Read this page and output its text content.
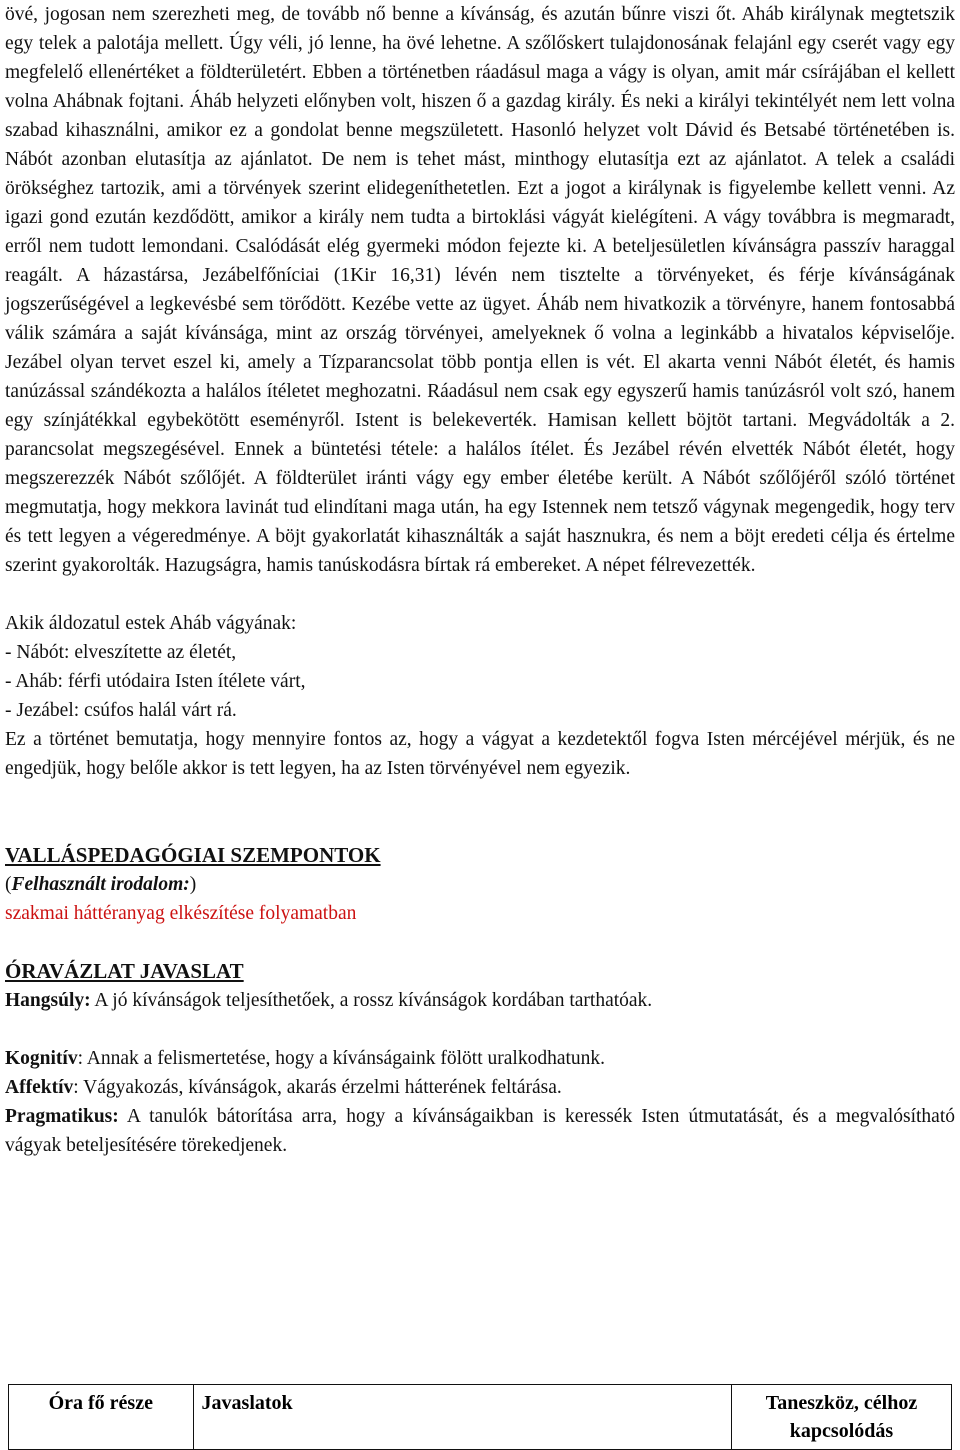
övé, jogosan nem szerezheti meg, de tovább nő benne a kívánság, és azután bűnre viszi őt. Aháb királynak megtetszik egy telek a palotája mellett. Úgy véli, jó lenne, ha övé lehetne. A szőlőskert tulajdonosának felajánl egy cserét vagy egy megfelelő ellenértéket a földterületért. Ebben a történetben ráadásul maga a vágy is olyan, amit már csírájában el kellett volna Ahábnak fojtani. Áháb helyzeti előnyben volt, hiszen ő a gazdag király. És neki a királyi tekintélyét nem lett volna szabad kihasználni, amikor ez a gondolat benne megszületett. Hasonló helyzet volt Dávid és Betsabé történetében is. Nábót azonban elutasítja az ajánlatot. De nem is tehet mást, minthogy elutasítja ezt az ajánlatot. A telek a családi örökséghez tartozik, ami a törvények szerint elidegeníthetetlen. Ezt a jogot a királynak is figyelembe kellett venni. Az igazi gond ezután kezdődött, amikor a király nem tudta a birtoklási vágyát kielégíteni. A vágy továbbra is megmaradt, erről nem tudott lemondani. Csalódását elég gyermeki módon fejezte ki. A beteljesületlen kívánságra passzív haraggal reagált. A házastársa, Jezábelfőníciai (1Kir 16,31) lévén nem tisztelte a törvényeket, és férje kívánságának jogszerűségével a legkevésbé sem törődött. Kezébe vette az ügyet. Áháb nem hivatkozik a törvényre, hanem fontosabbá válik számára a saját kívánsága, mint az ország törvényei, amelyeknek ő volna a leginkább a hivatalos képviselője. Jezábel olyan tervet eszel ki, amely a Tízparancsolat több pontja ellen is vét. El akarta venni Nábót életét, és hamis tanúzással szándékozta a halálos ítéletet meghozatni. Ráadásul nem csak egy egyszerű hamis tanúzásról volt szó, hanem egy színjátékkal egybekötött eseményről. Istent is belekeverték. Hamisan kellett böjtöt tartani. Megvádolták a 2. parancsolat megszegésével. Ennek a büntetési tétele: a halálos ítélet. És Jezábel révén elvették Nábót életét, hogy megszerezzék Nábót szőlőjét. A földterület iránti vágy egy ember életébe került. A Nábót szőlőjéről szóló történet megmutatja, hogy mekkora lavinát tud elindítani maga után, ha egy Istennek nem tetsző vágynak megengedik, hogy terv és tett legyen a végeredménye. A böjt gyakorlatát kihasználták a saját hasznukra, és nem a böjt eredeti célja és értelme szerint gyakorolták. Hazugságra, hamis tanúskodásra bírtak rá embereket. A népet félrevezették.

Akik áldozatul estek Aháb vágyának:

- Nábót: elveszítette az életét,

- Aháb: férfi utódaira Isten ítélete várt,

- Jezábel: csúfos halál várt rá.

Ez a történet bemutatja, hogy mennyire fontos az, hogy a vágyat a kezdetektől fogva Isten mércéjével mérjük, és ne engedjük, hogy belőle akkor is tett legyen, ha az Isten törvényével nem egyezik.

VALLÁSPEDAGÓGIAI SZEMPONTOK

(Felhasznált irodalom:)

szakmai háttéranyag elkészítése folyamatban

ÓRAVÁZLAT JAVASLAT

Hangsúly: A jó kívánságok teljesíthetőek, a rossz kívánságok kordában tarthatóak.

Kognitív: Annak a felismertetése, hogy a kívánságaink fölött uralkodhatunk.

Affektív: Vágyakozás, kívánságok, akarás érzelmi hátterének feltárása.

Pragmatikus: A tanulók bátorítása arra, hogy a kívánságaikban is keressék Isten útmutatását, és a megvalósítható vágyak beteljesítésére törekedjenek.

Óra fő része	Javaslatok	Taneszköz, célhoz kapcsolódás
